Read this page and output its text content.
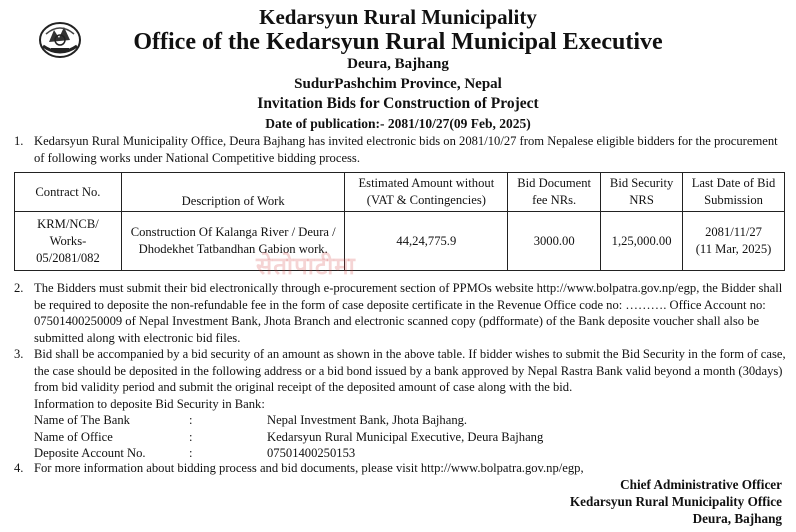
Kedarsyun Rural Municipality
Office of the Kedarsyun Rural Municipal Executive
Deura, Bajhang
SudurPashchim Province, Nepal
Invitation Bids for Construction of Project
Date of publication:- 2081/10/27(09 Feb, 2025)
1. Kedarsyun Rural Municipality Office, Deura Bajhang has invited electronic bids on 2081/10/27 from Nepalese eligible bidders for the procurement of following works under National Competitive bidding process.
Contract No.	Description of Work	Estimated Amount without (VAT & Contingencies)	Bid Document fee NRs.	Bid Security NRS	Last Date of Bid Submission
KRM/NCB/ Works- 05/2081/082	Construction Of Kalanga River / Deura / Dhodekhet Tatbandhan Gabion work.	44,24,775.9	3000.00	1,25,000.00	2081/11/27
(11 Mar, 2025)
सेतोपाटीमा
2. The Bidders must submit their bid electronically through e-procurement section of PPMOs website http://www.bolpatra.gov.np/egp, the Bidder shall be required to deposite the non-refundable fee in the form of case deposite certificate in the Revenue Office code no: ………. Office Account no: 07501400250009 of Nepal Investment Bank, Jhota Branch and electronic scanned copy (pdfformate) of the Bank deposite voucher shall also be submitted along with electronic bid files.
3. Bid shall be accompanied by a bid security of an amount as shown in the above table. If bidder wishes to submit the Bid Security in the form of case, the case should be deposited in the following address or a bid bond issued by a bank approved by Nepal Rastra Bank valid beyond a month (30days) from bid validity period and submit the original receipt of the deposited amount of case along with the bid.
Information to deposite Bid Security in Bank:
Name of The Bank	:	Nepal Investment Bank, Jhota Bajhang.
Name of Office	:	Kedarsyun Rural Municipal Executive, Deura Bajhang
Deposite Account No.	:	07501400250153
4. For more information about bidding process and bid documents, please visit http://www.bolpatra.gov.np/egp,
Chief Administrative Officer
Kedarsyun Rural Municipality Office
Deura, Bajhang
